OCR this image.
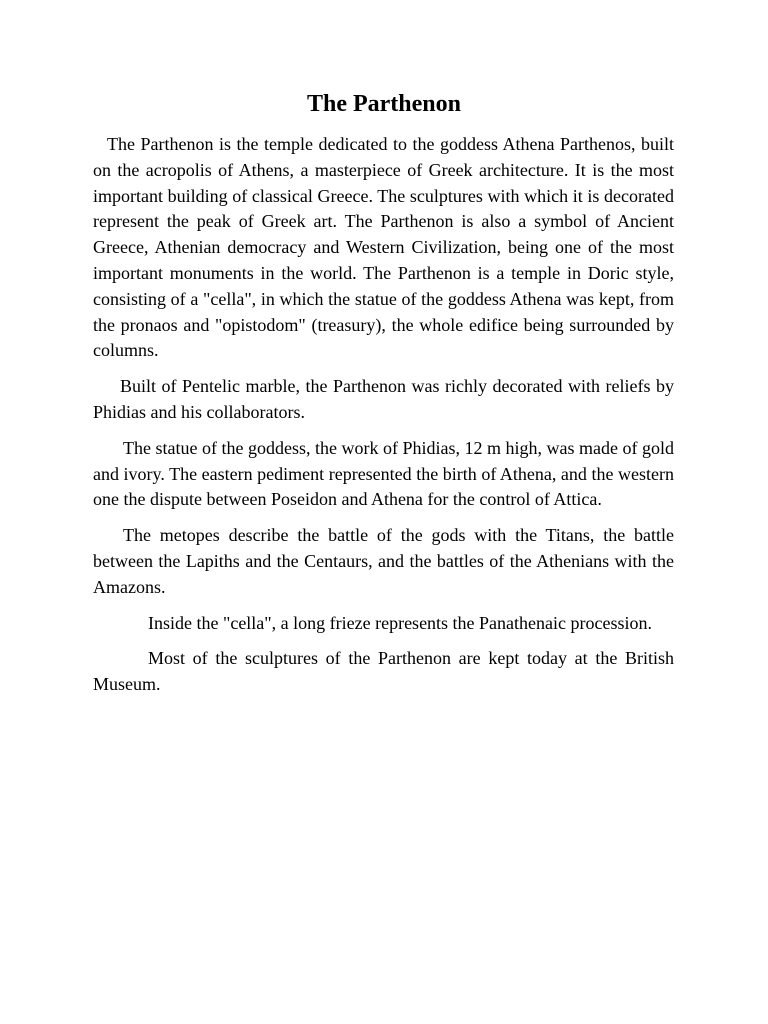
The Parthenon

The Parthenon is the temple dedicated to the goddess Athena Parthenos, built on the acropolis of Athens, a masterpiece of Greek architecture. It is the most important building of classical Greece. The sculptures with which it is decorated represent the peak of Greek art. The Parthenon is also a symbol of Ancient Greece, Athenian democracy and Western Civilization, being one of the most important monuments in the world. The Parthenon is a temple in Doric style, consisting of a "cella", in which the statue of the goddess Athena was kept, from the pronaos and "opistodom" (treasury), the whole edifice being surrounded by columns.

Built of Pentelic marble, the Parthenon was richly decorated with reliefs by Phidias and his collaborators.

The statue of the goddess, the work of Phidias, 12 m high, was made of gold and ivory. The eastern pediment represented the birth of Athena, and the western one the dispute between Poseidon and Athena for the control of Attica.

The metopes describe the battle of the gods with the Titans, the battle between the Lapiths and the Centaurs, and the battles of the Athenians with the Amazons.

Inside the "cella", a long frieze represents the Panathenaic procession.

Most of the sculptures of the Parthenon are kept today at the British Museum.
